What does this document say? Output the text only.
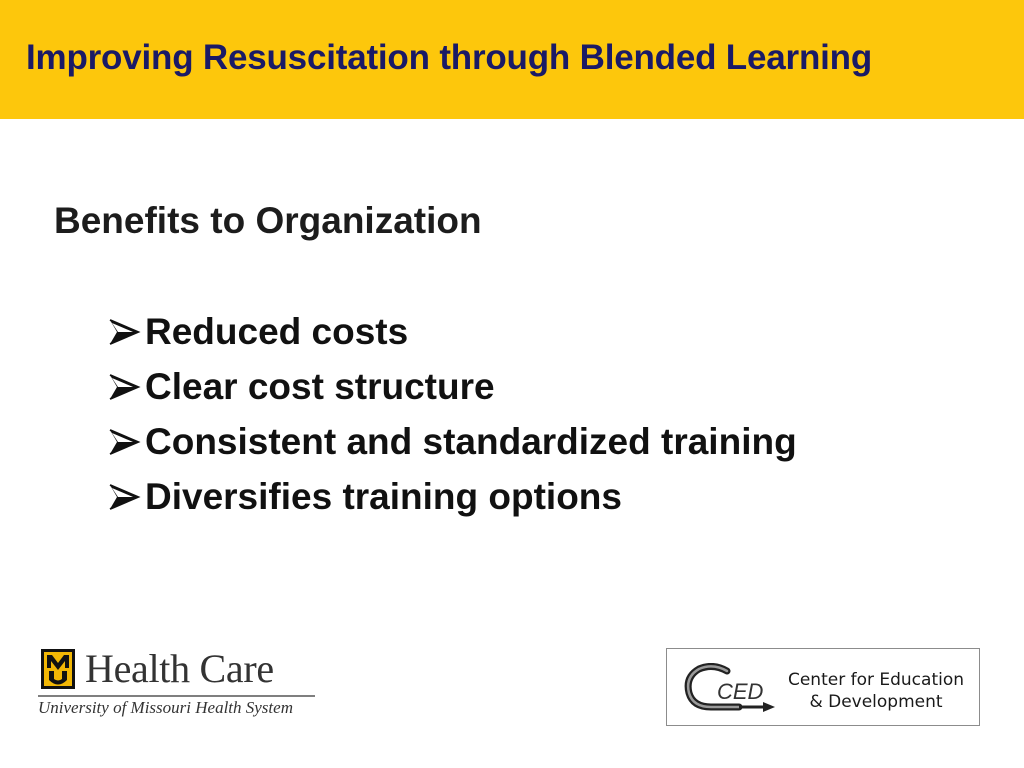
Improving Resuscitation through Blended Learning
Benefits to Organization
Reduced costs
Clear cost structure
Consistent and standardized training
Diversifies training options
Health Care
University of Missouri Health System
CED	Center for Education
& Development
